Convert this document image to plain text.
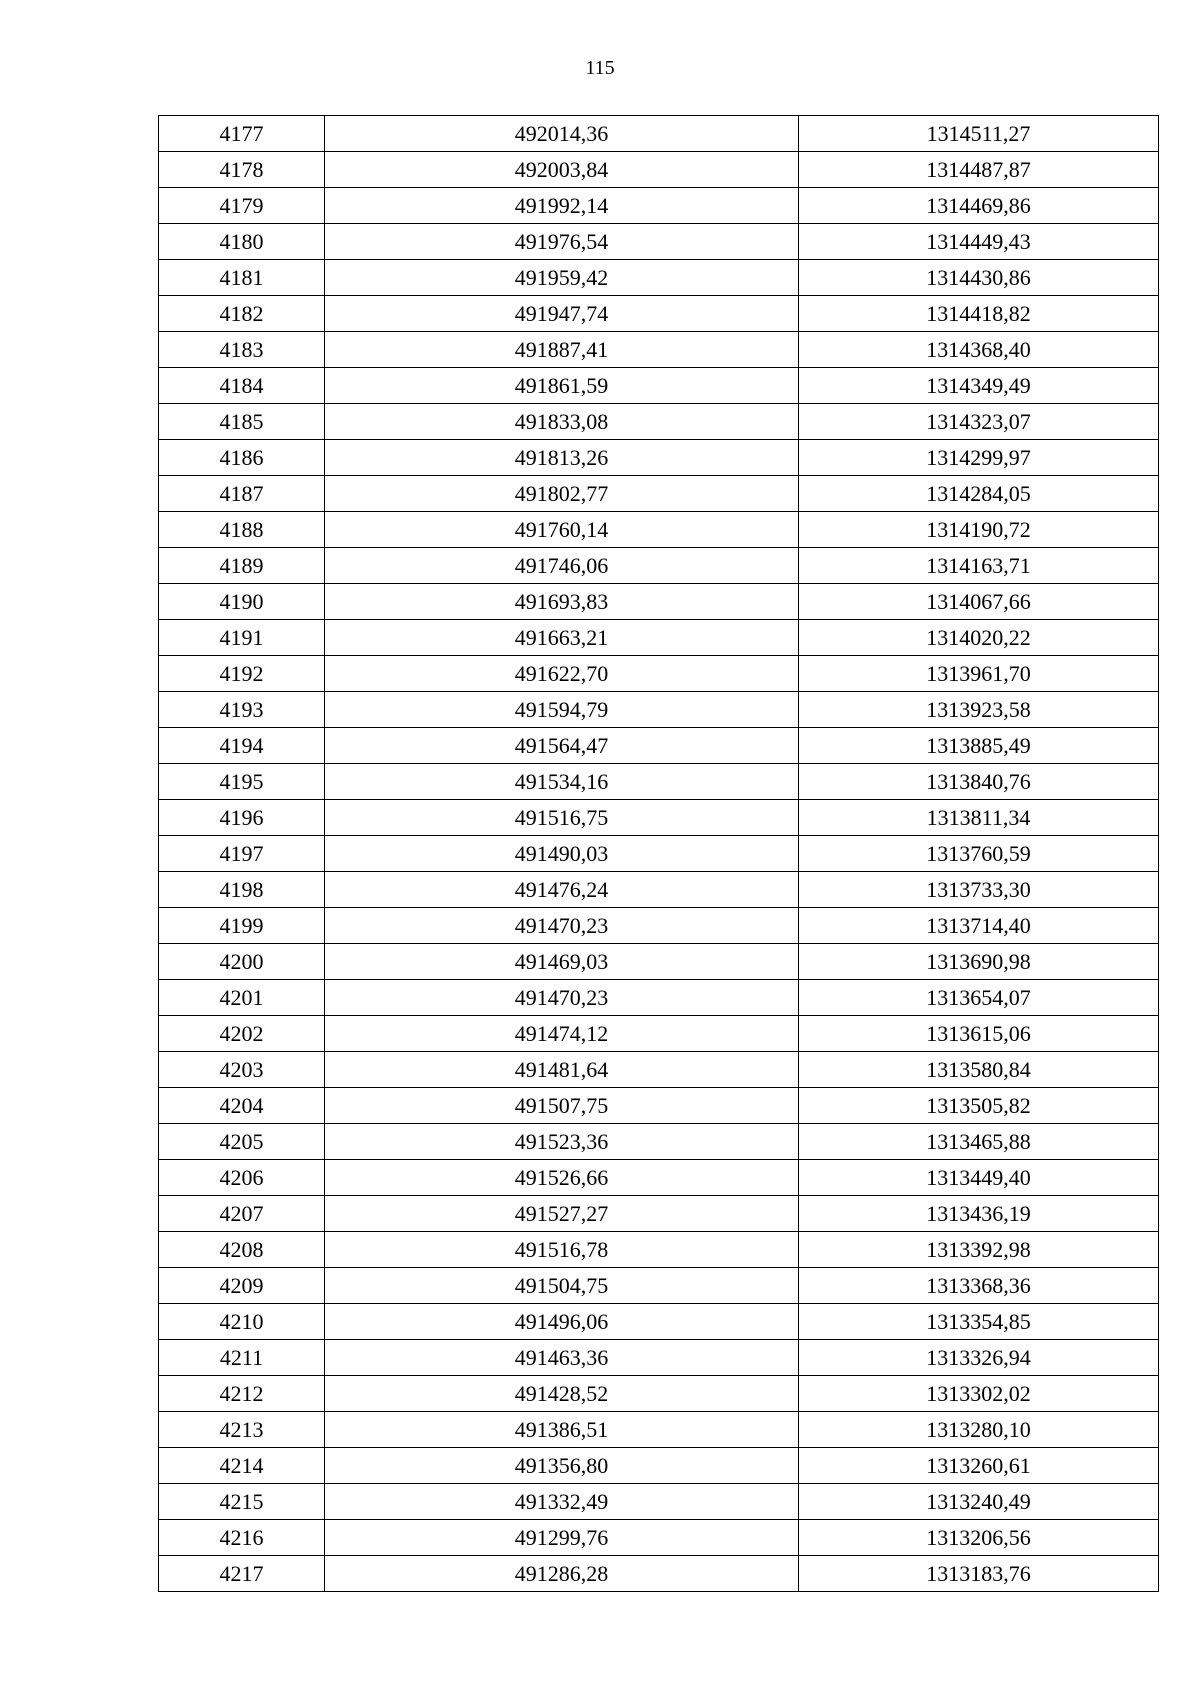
115
4177	492014,36	1314511,27
4178	492003,84	1314487,87
4179	491992,14	1314469,86
4180	491976,54	1314449,43
4181	491959,42	1314430,86
4182	491947,74	1314418,82
4183	491887,41	1314368,40
4184	491861,59	1314349,49
4185	491833,08	1314323,07
4186	491813,26	1314299,97
4187	491802,77	1314284,05
4188	491760,14	1314190,72
4189	491746,06	1314163,71
4190	491693,83	1314067,66
4191	491663,21	1314020,22
4192	491622,70	1313961,70
4193	491594,79	1313923,58
4194	491564,47	1313885,49
4195	491534,16	1313840,76
4196	491516,75	1313811,34
4197	491490,03	1313760,59
4198	491476,24	1313733,30
4199	491470,23	1313714,40
4200	491469,03	1313690,98
4201	491470,23	1313654,07
4202	491474,12	1313615,06
4203	491481,64	1313580,84
4204	491507,75	1313505,82
4205	491523,36	1313465,88
4206	491526,66	1313449,40
4207	491527,27	1313436,19
4208	491516,78	1313392,98
4209	491504,75	1313368,36
4210	491496,06	1313354,85
4211	491463,36	1313326,94
4212	491428,52	1313302,02
4213	491386,51	1313280,10
4214	491356,80	1313260,61
4215	491332,49	1313240,49
4216	491299,76	1313206,56
4217	491286,28	1313183,76
